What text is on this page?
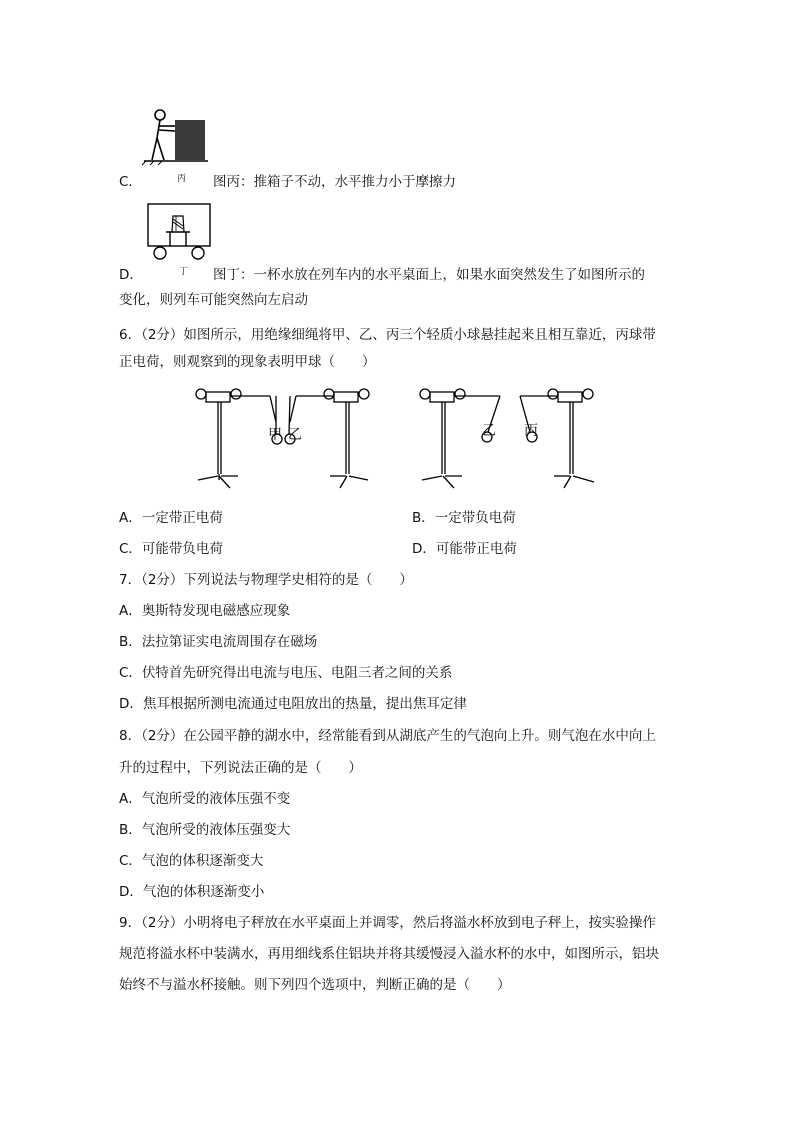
丙
C．	图丙：推箱子不动，水平推力小于摩擦力
丁
D．	图丁：一杯水放在列车内的水平桌面上，如果水面突然发生了如图所示的
变化，则列车可能突然向左启动
6．（2分）如图所示，用绝缘细绳将甲、乙、丙三个轻质小球悬挂起来且相互靠近，丙球带
正电荷，则观察到的现象表明甲球（　　）
甲 乙	乙 丙
A．一定带正电荷	B．一定带负电荷
C．可能带负电荷	D．可能带正电荷
7．（2分）下列说法与物理学史相符的是（　　）
A．奥斯特发现电磁感应现象
B．法拉第证实电流周围存在磁场
C．伏特首先研究得出电流与电压、电阻三者之间的关系
D．焦耳根据所测电流通过电阻放出的热量，提出焦耳定律
8．（2分）在公园平静的湖水中，经常能看到从湖底产生的气泡向上升。则气泡在水中向上
升的过程中，下列说法正确的是（　　）
A．气泡所受的液体压强不变
B．气泡所受的液体压强变大
C．气泡的体积逐渐变大
D．气泡的体积逐渐变小
9．（2分）小明将电子秤放在水平桌面上并调零，然后将溢水杯放到电子秤上，按实验操作
规范将溢水杯中装满水，再用细线系住铝块并将其缓慢浸入溢水杯的水中，如图所示，铝块
始终不与溢水杯接触。则下列四个选项中，判断正确的是（　　）
